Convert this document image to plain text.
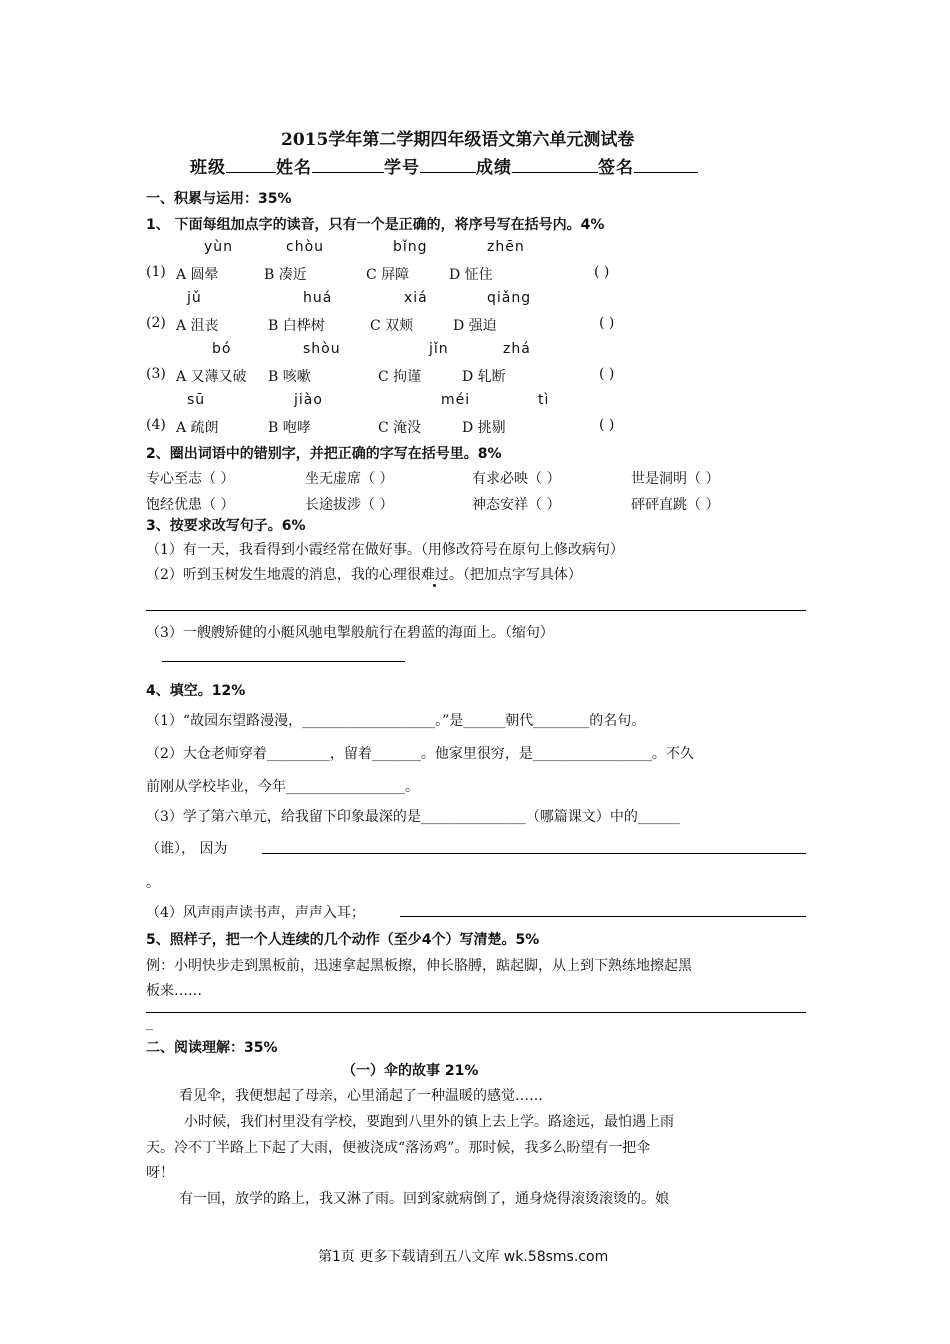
2015学年第二学期四年级语文第六单元测试卷
班级	姓名	学号	成绩	签名
一、积累与运用：35%
1、 下面每组加点字的读音，只有一个是正确的，将序号写在括号内。4%
yùn	chòu	bǐng	zhēn
(1) A 圆晕	B 凑近	C 屏障	D 怔住	( )
jǔ	huá	xiá	qiǎng
(2) A 沮丧	B 白桦树	C 双颊	D 强迫	( )
bó	shòu	jǐn	zhá
(3) A 又薄又破 B 咳嗽	C 拘谨	D 轧断	( )
sū	jiào	méi	tì
(4) A 疏朗	B 咆哮	C 淹没	D 挑剔	( )
2、圈出词语中的错别字，并把正确的字写在括号里。8%
专心至志（ ）	坐无虚席（ ）	有求必映（ ）	世是洞明（ ）
饱经优患（ ）	长途拔涉（ ）	神态安祥（ ）	砰砰直跳（ ）
3、按要求改写句子。6%
（1）有一天，我看得到小霞经常在做好事。（用修改符号在原句上修改病句）
（2）听到玉树发生地震的消息，我的心理很难过。（把加点字写具体）
（3）一艘艘矫健的小艇风驰电掣般航行在碧蓝的海面上。（缩句）
4、填空。12%
（1）“故园东望路漫漫，___________________。”是______朝代________的名句。
（2）大仓老师穿着_________，留着_______。他家里很穷，是_________________。不久
前刚从学校毕业，今年_________________。
（3）学了第六单元，给我留下印象最深的是_______________（哪篇课文）中的______
（谁）， 因为
。
（4）风声雨声读书声，声声入耳；
5、照样子，把一个人连续的几个动作（至少4个）写清楚。5%
例：小明快步走到黑板前，迅速拿起黑板擦，伸长胳膊，踮起脚，从上到下熟练地擦起黑
板来……
_
二、阅读理解：35%
（一）伞的故事 21%
看见伞，我便想起了母亲，心里涌起了一种温暖的感觉……
小时候，我们村里没有学校，要跑到八里外的镇上去上学。路途远，最怕遇上雨
天。冷不丁半路上下起了大雨，便被浇成“落汤鸡”。那时候，我多么盼望有一把伞
呀！
有一回，放学的路上，我又淋了雨。回到家就病倒了，通身烧得滚烫滚烫的。娘
第1页 更多下载请到五八文库 wk.58sms.com
